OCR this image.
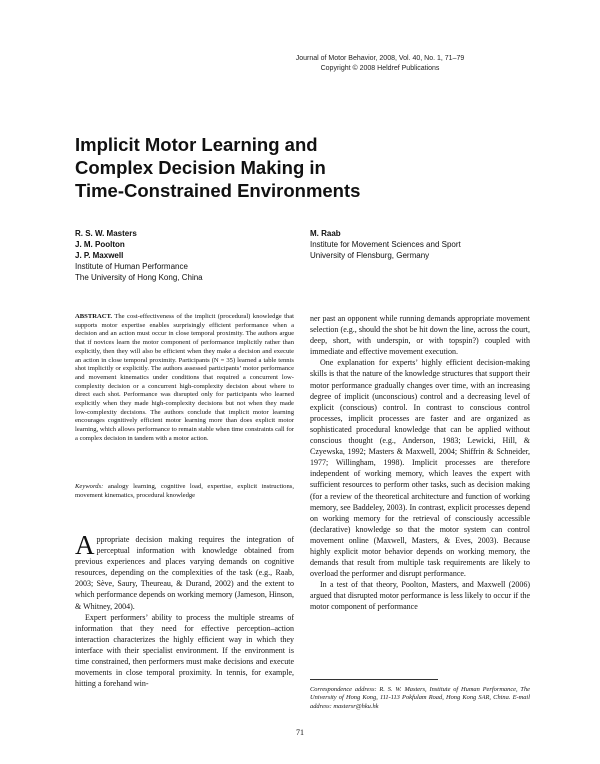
Journal of Motor Behavior, 2008, Vol. 40, No. 1, 71–79
Copyright © 2008 Heldref Publications
Implicit Motor Learning and
Complex Decision Making in
Time-Constrained Environments
R. S. W. Masters
J. M. Poolton
J. P. Maxwell
Institute of Human Performance
The University of Hong Kong, China
M. Raab
Institute for Movement Sciences and Sport
University of Flensburg, Germany
ABSTRACT. The cost-effectiveness of the implicit (procedural) knowledge that supports motor expertise enables surprisingly efficient performance when a decision and an action must occur in close temporal proximity. The authors argue that if novices learn the motor component of performance implicitly rather than explicitly, then they will also be efficient when they make a decision and execute an action in close temporal proximity. Participants (N = 35) learned a table tennis shot implicitly or explicitly. The authors assessed participants’ motor performance and movement kinematics under conditions that required a concurrent low-complexity decision or a concurrent high-complexity decision about where to direct each shot. Performance was disrupted only for participants who learned explicitly when they made high-complexity decisions but not when they made low-complexity decisions. The authors conclude that implicit motor learning encourages cognitively efficient motor learning more than does explicit motor learning, which allows performance to remain stable when time constraints call for a complex decision in tandem with a motor action.
Keywords: analogy learning, cognitive load, expertise, explicit instructions, movement kinematics, procedural knowledge

Appropriate decision making requires the integration of perceptual information with knowledge obtained from previous experiences and places varying demands on cognitive resources, depending on the complexities of the task (e.g., Raab, 2003; Sève, Saury, Theureau, & Durand, 2002) and the extent to which performance depends on working memory (Jameson, Hinson, & Whitney, 2004).

Expert performers’ ability to process the multiple streams of information that they need for effective perception–action interaction characterizes the highly efficient way in which they interface with their specialist environment. If the environment is time constrained, then performers must make decisions and execute movements in close temporal proximity. In tennis, for example, hitting a forehand win-

ner past an opponent while running demands appropriate movement selection (e.g., should the shot be hit down the line, across the court, deep, short, with underspin, or with topspin?) coupled with immediate and effective movement execution.

One explanation for experts’ highly efficient decision-making skills is that the nature of the knowledge structures that support their motor performance gradually changes over time, with an increasing degree of implicit (unconscious) control and a decreasing level of explicit (conscious) control. In contrast to conscious control processes, implicit processes are faster and are organized as sophisticated procedural knowledge that can be applied without conscious thought (e.g., Anderson, 1983; Lewicki, Hill, & Czyewska, 1992; Masters & Maxwell, 2004; Shiffrin & Schneider, 1977; Willingham, 1998). Implicit processes are therefore independent of working memory, which leaves the expert with sufficient resources to perform other tasks, such as decision making (for a review of the theoretical architecture and function of working memory, see Baddeley, 2003). In contrast, explicit processes depend on working memory for the retrieval of consciously accessible (declarative) knowledge so that the motor system can control movement online (Maxwell, Masters, & Eves, 2003). Because highly explicit motor behavior depends on working memory, the demands that result from multiple task requirements are likely to overload the performer and disrupt performance.

In a test of that theory, Poolton, Masters, and Maxwell (2006) argued that disrupted motor performance is less likely to occur if the motor component of performance

Correspondence address: R. S. W. Masters, Institute of Human Performance, The University of Hong Kong, 111-113 Pokfulam Road, Hong Kong SAR, China. E-mail address: mastersr@hku.hk
71
